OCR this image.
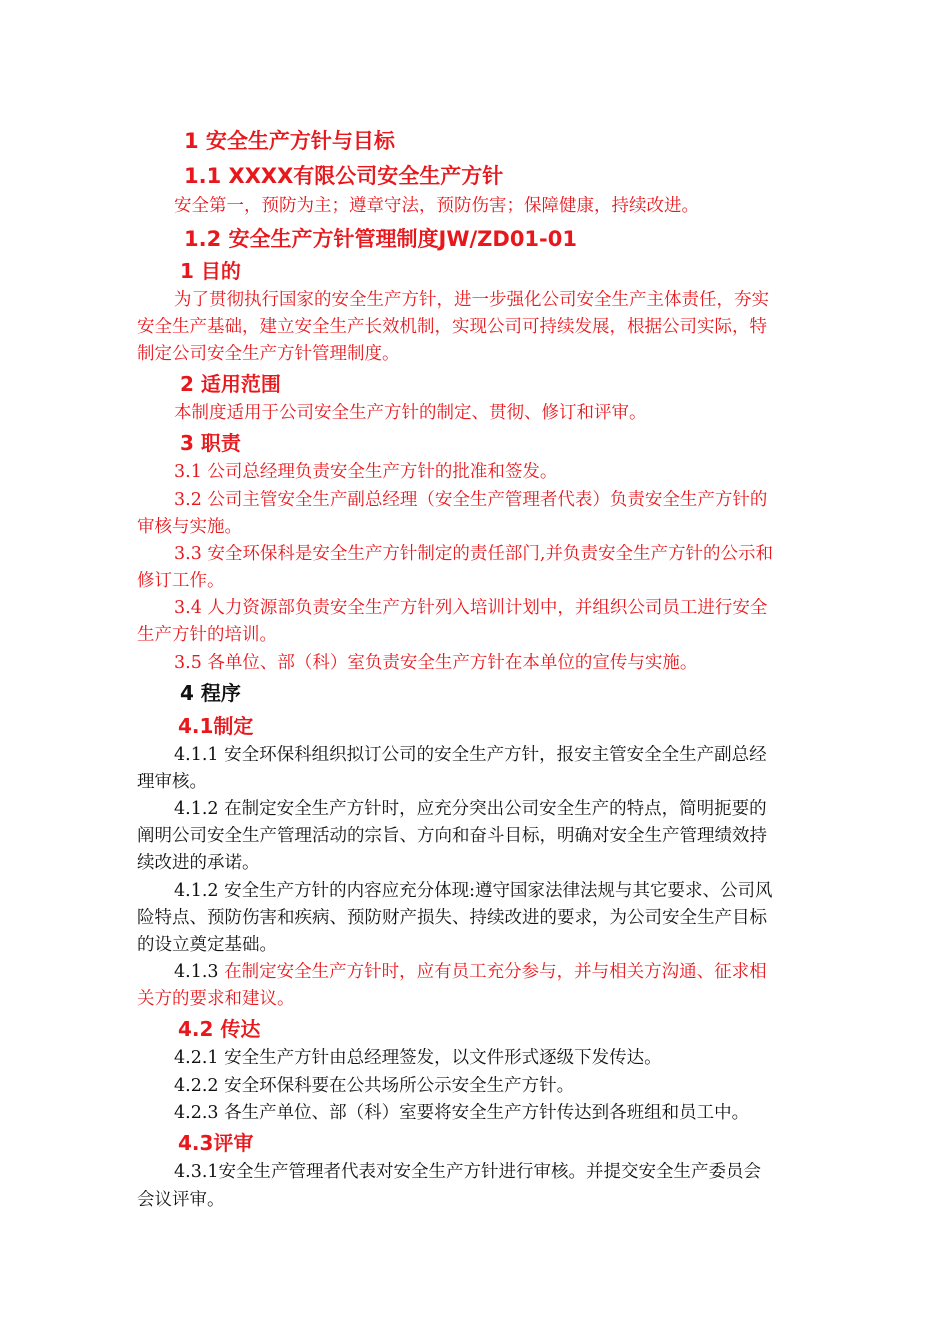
1 安全生产方针与目标
1.1 XXXX有限公司安全生产方针
安全第一，预防为主；遵章守法，预防伤害；保障健康，持续改进。
1.2 安全生产方针管理制度JW/ZD01-01
1 目的
为了贯彻执行国家的安全生产方针，进一步强化公司安全生产主体责任，夯实
安全生产基础，建立安全生产长效机制，实现公司可持续发展，根据公司实际，特
制定公司安全生产方针管理制度。
2 适用范围
本制度适用于公司安全生产方针的制定、贯彻、修订和评审。
3 职责
3.1 公司总经理负责安全生产方针的批准和签发。
3.2 公司主管安全生产副总经理（安全生产管理者代表）负责安全生产方针的
审核与实施。
3.3 安全环保科是安全生产方针制定的责任部门,并负责安全生产方针的公示和
修订工作。
3.4 人力资源部负责安全生产方针列入培训计划中，并组织公司员工进行安全
生产方针的培训。
3.5 各单位、部（科）室负责安全生产方针在本单位的宣传与实施。
4 程序
4.1制定
4.1.1 安全环保科组织拟订公司的安全生产方针，报安主管安全全生产副总经
理审核。
4.1.2 在制定安全生产方针时，应充分突出公司安全生产的特点，简明扼要的
阐明公司安全生产管理活动的宗旨、方向和奋斗目标，明确对安全生产管理绩效持
续改进的承诺。
4.1.2 安全生产方针的内容应充分体现:遵守国家法律法规与其它要求、公司风
险特点、预防伤害和疾病、预防财产损失、持续改进的要求，为公司安全生产目标
的设立奠定基础。
4.1.3 在制定安全生产方针时，应有员工充分参与，并与相关方沟通、征求相
关方的要求和建议。
4.2 传达
4.2.1 安全生产方针由总经理签发，以文件形式逐级下发传达。
4.2.2 安全环保科要在公共场所公示安全生产方针。
4.2.3 各生产单位、部（科）室要将安全生产方针传达到各班组和员工中。
4.3评审
4.3.1安全生产管理者代表对安全生产方针进行审核。并提交安全生产委员会
会议评审。
